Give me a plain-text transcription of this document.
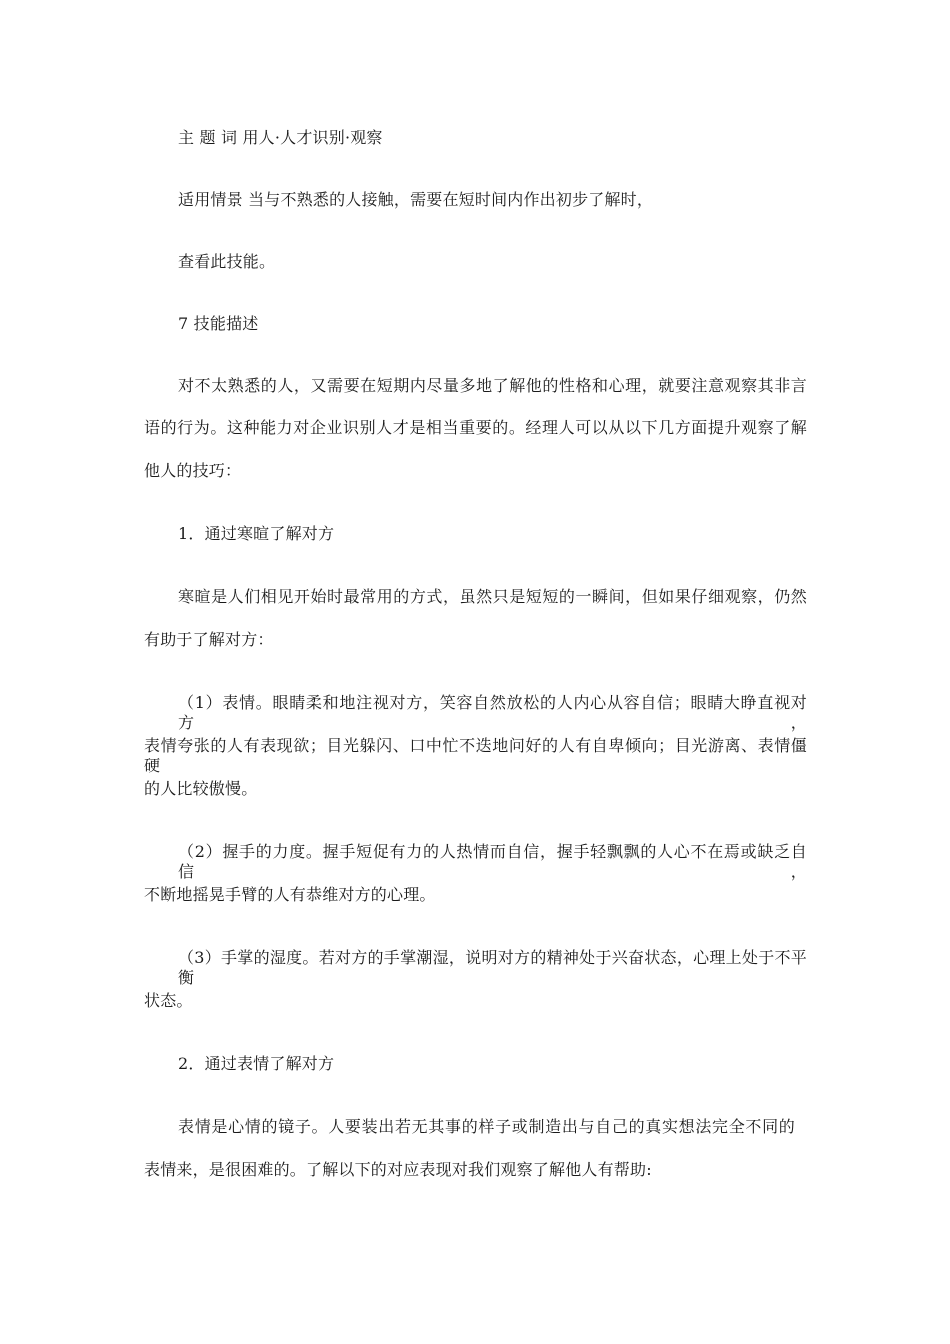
主 题 词 用人·人才识别·观察
适用情景 当与不熟悉的人接触，需要在短时间内作出初步了解时，
查看此技能。
7 技能描述
对不太熟悉的人，又需要在短期内尽量多地了解他的性格和心理，就要注意观察其非言
语的行为。这种能力对企业识别人才是相当重要的。经理人可以从以下几方面提升观察了解
他人的技巧：
1．通过寒暄了解对方
寒暄是人们相见开始时最常用的方式，虽然只是短短的一瞬间，但如果仔细观察，仍然
有助于了解对方：
（1）表情。眼睛柔和地注视对方，笑容自然放松的人内心从容自信；眼睛大睁直视对方，
表情夸张的人有表现欲；目光躲闪、口中忙不迭地问好的人有自卑倾向；目光游离、表情僵硬
的人比较傲慢。
（2）握手的力度。握手短促有力的人热情而自信，握手轻飘飘的人心不在焉或缺乏自信，
不断地摇晃手臂的人有恭维对方的心理。
（3）手掌的湿度。若对方的手掌潮湿，说明对方的精神处于兴奋状态，心理上处于不平衡
状态。
2．通过表情了解对方
表情是心情的镜子。人要装出若无其事的样子或制造出与自己的真实想法完全不同的
表情来，是很困难的。了解以下的对应表现对我们观察了解他人有帮助:
